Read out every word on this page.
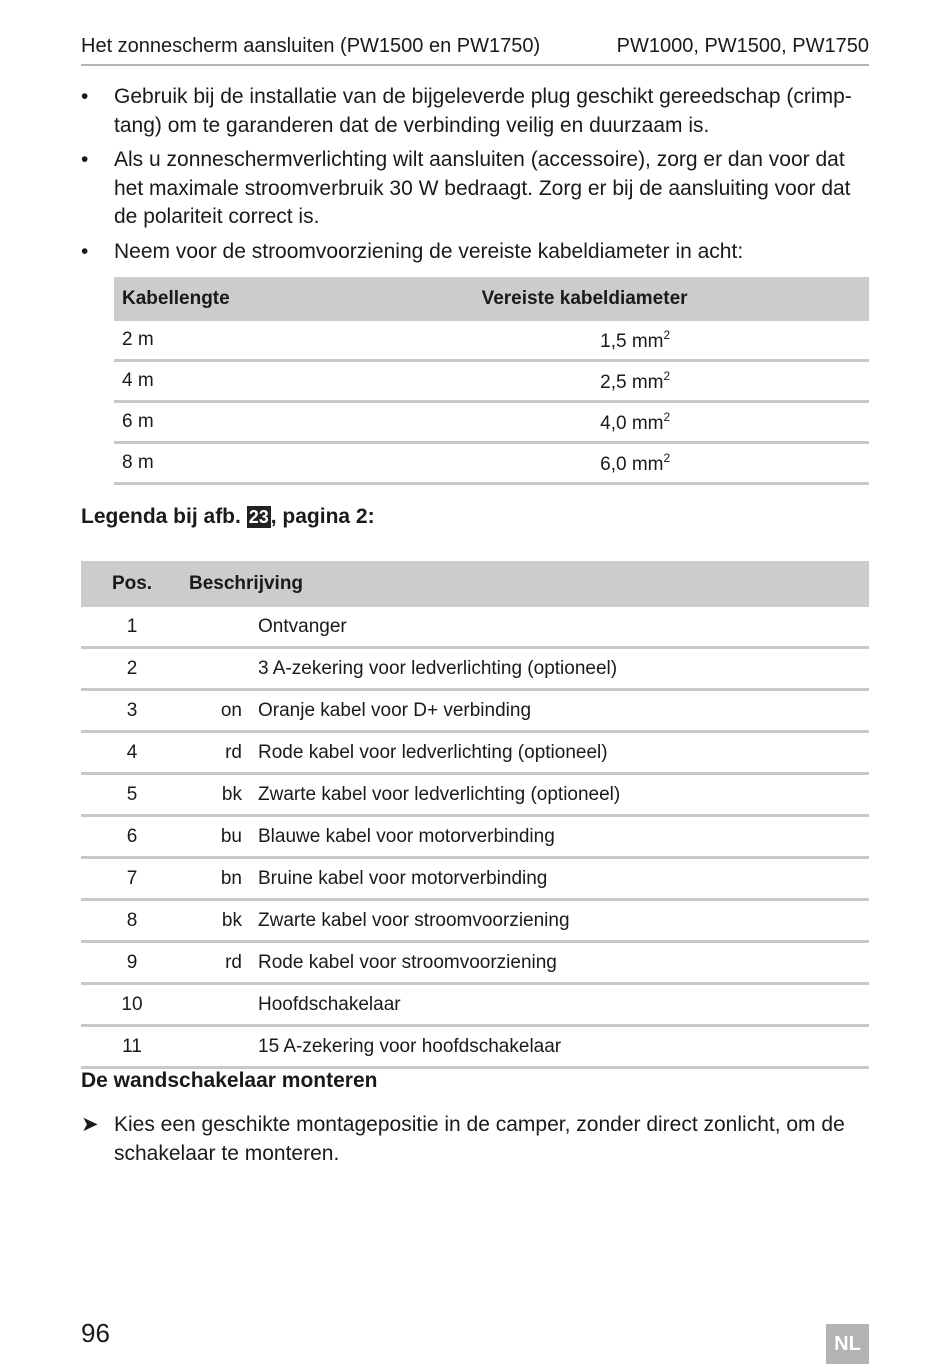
Het zonnescherm aansluiten (PW1500 en PW1750)	PW1000, PW1500, PW1750
• Gebruik bij de installatie van de bijgeleverde plug geschikt gereedschap (crimp-tang) om te garanderen dat de verbinding veilig en duurzaam is.
• Als u zonneschermverlichting wilt aansluiten (accessoire), zorg er dan voor dat het maximale stroomverbruik 30 W bedraagt. Zorg er bij de aansluiting voor dat de polariteit correct is.
• Neem voor de stroomvoorziening de vereiste kabeldiameter in acht:
Kabellengte	Vereiste kabeldiameter
2 m	1,5 $mm^2$
4 m	2,5 $mm^2$
6 m	4,0 $mm^2$
8 m	6,0 $mm^2$
Legenda bij afb. 23, pagina 2:
Pos.	Beschrijving	
1		Ontvanger
2		3 A-zekering voor ledverlichting (optioneel)
3	on	Oranje kabel voor D+ verbinding
4	rd	Rode kabel voor ledverlichting (optioneel)
5	bk	Zwarte kabel voor ledverlichting (optioneel)
6	bu	Blauwe kabel voor motorverbinding
7	bn	Bruine kabel voor motorverbinding
8	bk	Zwarte kabel voor stroomvoorziening
9	rd	Rode kabel voor stroomvoorziening
10		Hoofdschakelaar
11		15 A-zekering voor hoofdschakelaar
De wandschakelaar monteren
➤ Kies een geschikte montagepositie in de camper, zonder direct zonlicht, om de schakelaar te monteren.
96	NL
